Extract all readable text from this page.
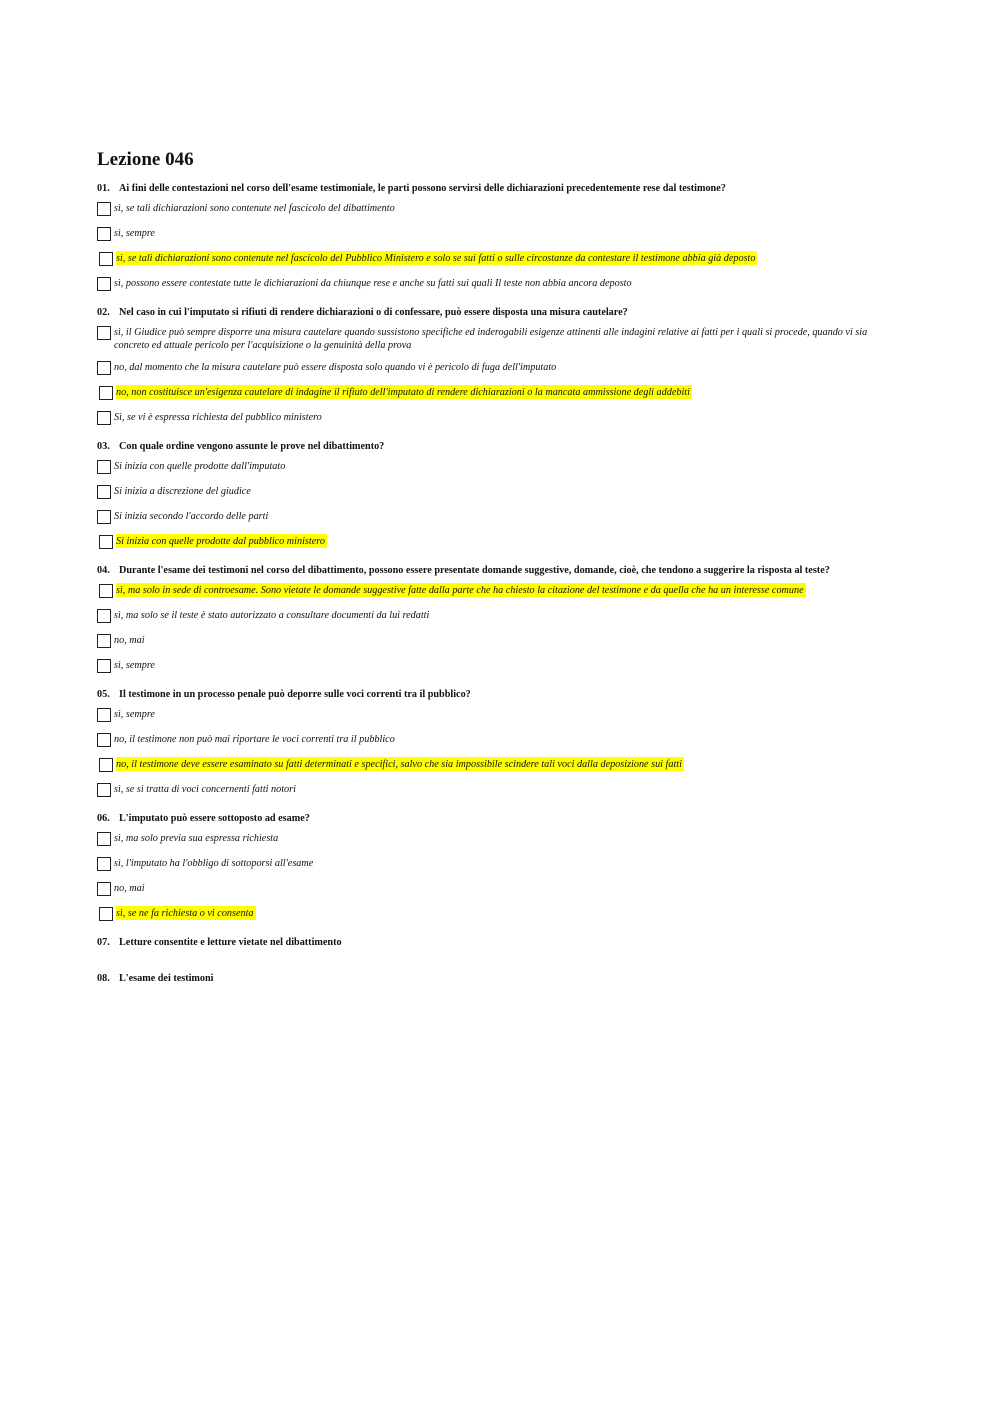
Lezione 046
01. Ai fini delle contestazioni nel corso dell'esame testimoniale, le parti possono servirsi delle dichiarazioni precedentemente rese dal testimone?
sì, se tali dichiarazioni sono contenute nel fascicolo del dibattimento
sì, sempre
sì, se tali dichiarazioni sono contenute nel fascicolo del Pubblico Ministero e solo se sui fatti o sulle circostanze da contestare il testimone abbia già deposto
sì, possono essere contestate tutte le dichiarazioni da chiunque rese e anche su fatti sui quali Il teste non abbia ancora deposto
02. Nel caso in cui l'imputato si rifiuti di rendere dichiarazioni o di confessare, può essere disposta una misura cautelare?
sì, il Giudice può sempre disporre una misura cautelare quando sussistono specifiche ed inderogabili esigenze attinenti alle indagini relative ai fatti per i quali si procede, quando vi sia concreto ed attuale pericolo per l'acquisizione o la genuinità della prova
no, dal momento che la misura cautelare può essere disposta solo quando vi è pericolo di fuga dell'imputato
no, non costituisce un'esigenza cautelare di indagine il rifiuto dell'imputato di rendere dichiarazioni o la mancata ammissione degli addebiti
Sì, se vi è espressa richiesta del pubblico ministero
03. Con quale ordine vengono assunte le prove nel dibattimento?
Si inizia con quelle prodotte dall'imputato
Si inizia a discrezione del giudice
Si inizia secondo l'accordo delle parti
Si inizia con quelle prodotte dal pubblico ministero
04. Durante l'esame dei testimoni nel corso del dibattimento, possono essere presentate domande suggestive, domande, cioè, che tendono a suggerire la risposta al teste?
sì, ma solo in sede di controesame. Sono vietate le domande suggestive fatte dalla parte che ha chiesto la citazione del testimone e da quella che ha un interesse comune
sì, ma solo se il teste è stato autorizzato a consultare documenti da lui redatti
no, mai
sì, sempre
05. Il testimone in un processo penale può deporre sulle voci correnti tra il pubblico?
sì, sempre
no, il testimone non può mai riportare le voci correnti tra il pubblico
no, il testimone deve essere esaminato su fatti determinati e specifici, salvo che sia impossibile scindere tali voci dalla deposizione sui fatti
sì, se si tratta di voci concernenti fatti notori
06. L'imputato può essere sottoposto ad esame?
sì, ma solo previa sua espressa richiesta
sì, l'imputato ha l'obbligo di sottoporsi all'esame
no, mai
sì, se ne fa richiesta o vi consenta
07. Letture consentite e letture vietate nel dibattimento
08. L'esame dei testimoni
